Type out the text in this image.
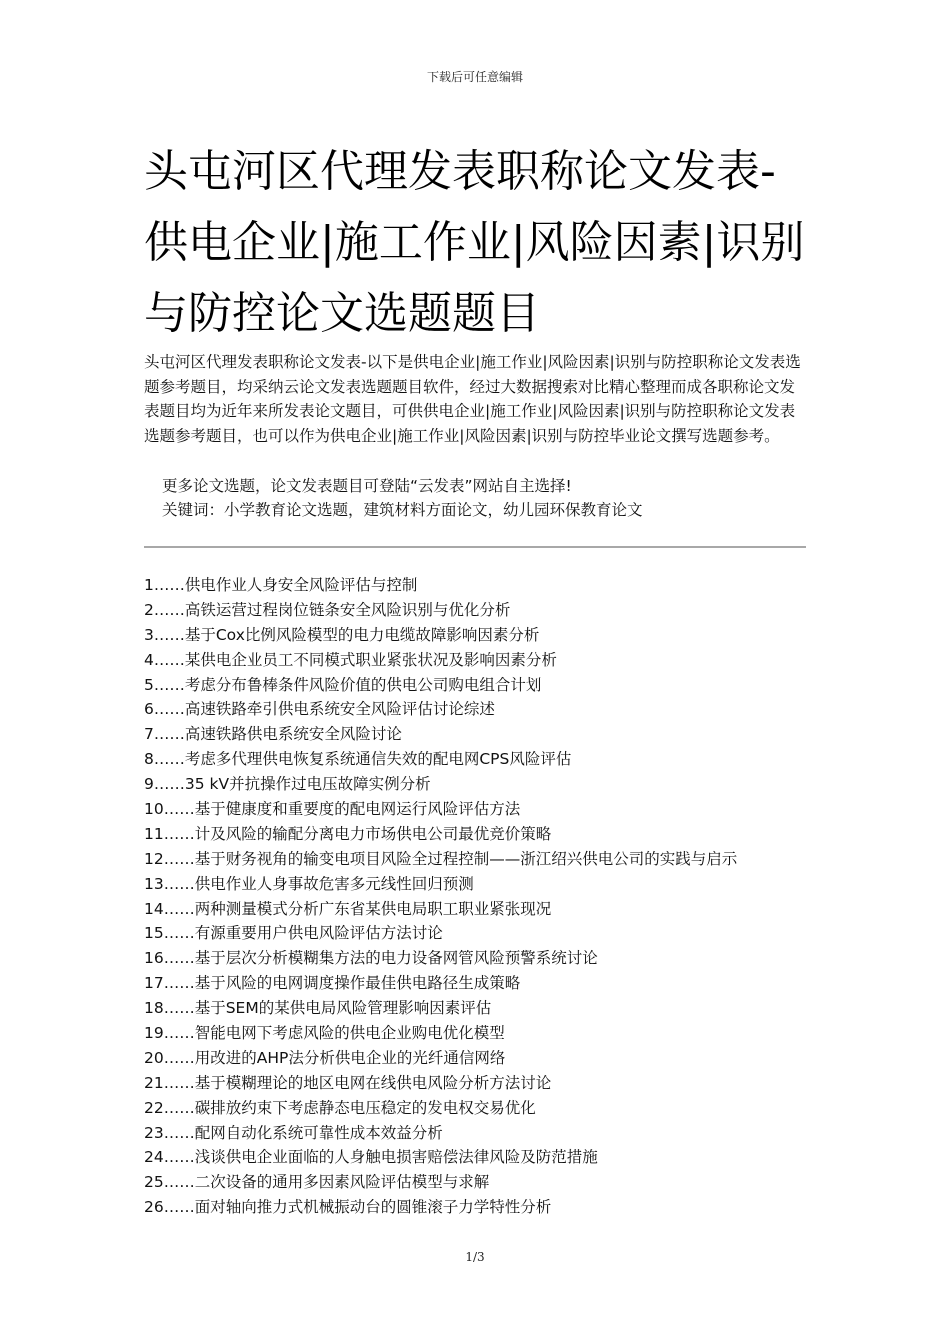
下载后可任意编辑
头屯河区代理发表职称论文发表-供电企业|施工作业|风险因素|识别与防控论文选题题目

头屯河区代理发表职称论文发表-以下是供电企业|施工作业|风险因素|识别与防控职称论文发表选题参考题目，均采纳云论文发表选题题目软件，经过大数据搜索对比精心整理而成各职称论文发表题目均为近年来所发表论文题目，可供供电企业|施工作业|风险因素|识别与防控职称论文发表选题参考题目，也可以作为供电企业|施工作业|风险因素|识别与防控毕业论文撰写选题参考。

更多论文选题，论文发表题目可登陆“云发表”网站自主选择!

关键词：小学教育论文选题，建筑材料方面论文，幼儿园环保教育论文

1……供电作业人身安全风险评估与控制
2……高铁运营过程岗位链条安全风险识别与优化分析
3……基于Cox比例风险模型的电力电缆故障影响因素分析
4……某供电企业员工不同模式职业紧张状况及影响因素分析
5……考虑分布鲁棒条件风险价值的供电公司购电组合计划
6……高速铁路牵引供电系统安全风险评估讨论综述
7……高速铁路供电系统安全风险讨论
8……考虑多代理供电恢复系统通信失效的配电网CPS风险评估
9……35 kV并抗操作过电压故障实例分析
10……基于健康度和重要度的配电网运行风险评估方法
11……计及风险的输配分离电力市场供电公司最优竞价策略
12……基于财务视角的输变电项目风险全过程控制——浙江绍兴供电公司的实践与启示
13……供电作业人身事故危害多元线性回归预测
14……两种测量模式分析广东省某供电局职工职业紧张现况
15……有源重要用户供电风险评估方法讨论
16……基于层次分析模糊集方法的电力设备网管风险预警系统讨论
17……基于风险的电网调度操作最佳供电路径生成策略
18……基于SEM的某供电局风险管理影响因素评估
19……智能电网下考虑风险的供电企业购电优化模型
20……用改进的AHP法分析供电企业的光纤通信网络
21……基于模糊理论的地区电网在线供电风险分析方法讨论
22……碳排放约束下考虑静态电压稳定的发电权交易优化
23……配网自动化系统可靠性成本效益分析
24……浅谈供电企业面临的人身触电损害赔偿法律风险及防范措施
25……二次设备的通用多因素风险评估模型与求解
26……面对轴向推力式机械振动台的圆锥滚子力学特性分析
1/3
